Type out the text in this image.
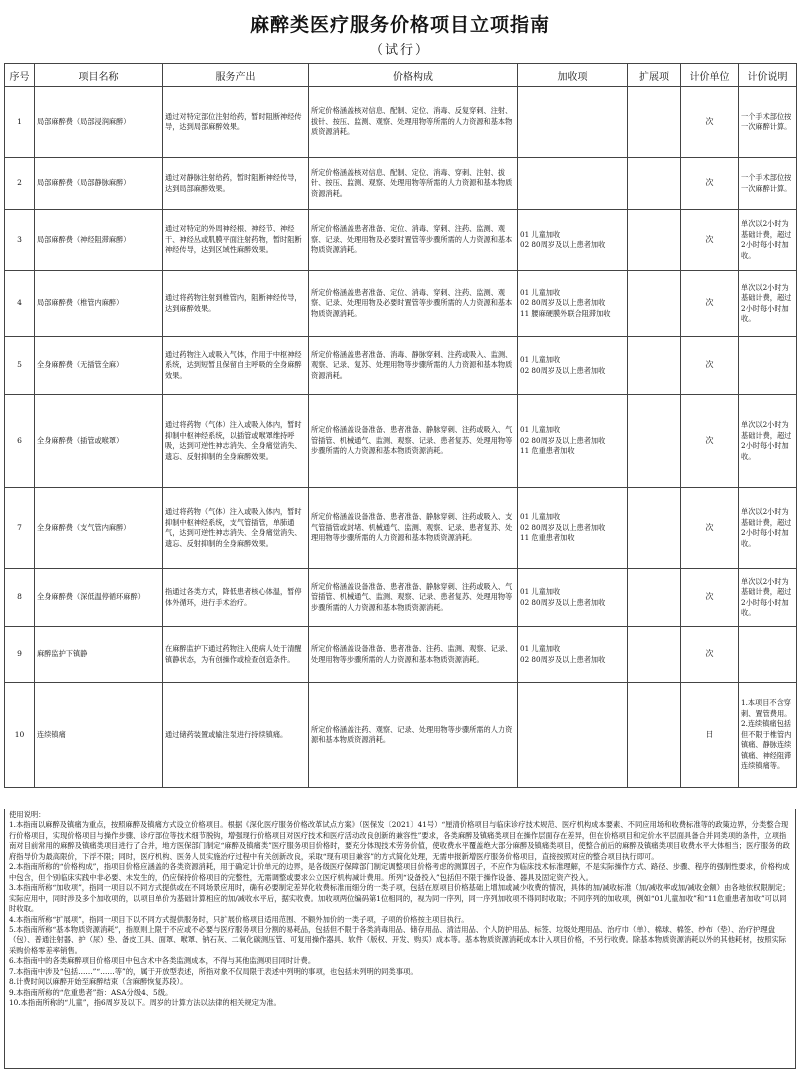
麻醉类医疗服务价格项目立项指南
（试行）
序号	项目名称	服务产出	价格构成	加收项	扩展项	计价单位	计价说明
1	局部麻醉费（局部浸润麻醉）	通过对特定部位注射给药，暂时阻断神经传导，达到局部麻醉效果。	所定价格涵盖核对信息、配制、定位、消毒、反复穿刺、注射、拔针、按压、监测、观察、处理用物等所需的人力资源和基本物质资源消耗。			次	一个手术部位按一次麻醉计算。
2	局部麻醉费（局部静脉麻醉）	通过对静脉注射给药，暂时阻断神经传导，达到局部麻醉效果。	所定价格涵盖核对信息、配制、定位、消毒、穿刺、注射、拔针、按压、监测、观察、处理用物等所需的人力资源和基本物质资源消耗。			次	一个手术部位按一次麻醉计算。
3	局部麻醉费（神经阻滞麻醉）	通过对特定的外周神经根、神经节、神经干、神经丛或肌膜平面注射药物，暂时阻断神经传导，达到区域性麻醉效果。	所定价格涵盖患者准备、定位、消毒、穿刺、注药、监测、观察、记录、处理用物及必要时置管等步骤所需的人力资源和基本物质资源消耗。	01 儿童加收
02 80周岁及以上患者加收		次	单次以2小时为基础计费，超过2小时每小时加收。
4	局部麻醉费（椎管内麻醉）	通过将药物注射到椎管内，阻断神经传导，达到麻醉效果。	所定价格涵盖患者准备、定位、消毒、穿刺、注药、监测、观察、记录、处理用物及必要时置管等步骤所需的人力资源和基本物质资源消耗。	01 儿童加收
02 80周岁及以上患者加收
11 腰麻硬膜外联合阻滞加收		次	单次以2小时为基础计费，超过2小时每小时加收。
5	全身麻醉费（无插管全麻）	通过药物注入或吸入气体，作用于中枢神经系统，达到短暂且保留自主呼吸的全身麻醉效果。	所定价格涵盖患者准备、消毒、静脉穿刺、注药或吸入、监测、观察、记录、复苏、处理用物等步骤所需的人力资源和基本物质资源消耗。	01 儿童加收
02 80周岁及以上患者加收		次	
6	全身麻醉费（插管或喉罩）	通过将药物（气体）注入或吸入体内，暂时抑制中枢神经系统，以插管或喉罩维持呼吸，达到可逆性神志消失、全身痛觉消失、遗忘、反射抑制的全身麻醉效果。	所定价格涵盖设备准备、患者准备、静脉穿刺、注药或吸入、气管插管、机械通气、监测、观察、记录、患者复苏、处理用物等步骤所需的人力资源和基本物质资源消耗。	01 儿童加收
02 80周岁及以上患者加收
11 危重患者加收		次	单次以2小时为基础计费，超过2小时每小时加收。
7	全身麻醉费（支气管内麻醉）	通过将药物（气体）注入或吸入体内，暂时抑制中枢神经系统，支气管插管，单肺通气，达到可逆性神志消失、全身痛觉消失、遗忘、反射抑制的全身麻醉效果。	所定价格涵盖设备准备、患者准备、静脉穿刺、注药或吸入、支气管插管或封堵、机械通气、监测、观察、记录、患者复苏、处理用物等步骤所需的人力资源和基本物质资源消耗。	01 儿童加收
02 80周岁及以上患者加收
11 危重患者加收		次	单次以2小时为基础计费，超过2小时每小时加收。
8	全身麻醉费（深低温停循环麻醉）	指通过各类方式，降低患者核心体温，暂停体外循环，进行手术治疗。	所定价格涵盖设备准备、患者准备、静脉穿刺、注药或吸入、气管插管、机械通气、监测、观察、记录、患者复苏、处理用物等步骤所需的人力资源和基本物质资源消耗。	01 儿童加收
02 80周岁及以上患者加收		次	单次以2小时为基础计费，超过2小时每小时加收。
9	麻醉监护下镇静	在麻醉监护下通过药物注入使病人处于清醒镇静状态，为有创操作或检查创造条件。	所定价格涵盖设备准备、患者准备、注药、监测、观察、记录、处理用物等步骤所需的人力资源和基本物质资源消耗。	01 儿童加收
02 80周岁及以上患者加收		次	
10	连续镇痛	通过储药装置或输注泵进行持续镇痛。	所定价格涵盖注药、观察、记录、处理用物等步骤所需的人力资源和基本物质资源消耗。			日	1.本项目不含穿刺、置管费用。
2.连续镇痛包括但不限于椎管内镇痛、静脉连续镇痛、神经阻滞连续镇痛等。

使用说明：

1.本指南以麻醉及镇痛为重点，按照麻醉及镇痛方式设立价格项目。根据《深化医疗服务价格改革试点方案》（医保发〔2021〕41号）“厘清价格项目与临床诊疗技术规范、医疗机构成本要素、不同应用场和收费标准等的政策边界，分类整合现行价格项目，实现价格项目与操作步骤、诊疗部位等技术细节脱钩，增强现行价格项目对医疗技术和医疗活动改良创新的兼容性”要求，各类麻醉及镇痛类项目在操作层面存在差异，但在价格项目和定价水平层面具备合并同类项的条件，立项指南对目前常用的麻醉及镇痛类项目进行了合并，地方医保部门制定“麻醉及镇痛类”医疗服务项目价格时，要充分体现技术劳务价值，使收费水平覆盖绝大部分麻醉及镇痛类项目，使整合前后的麻醉及镇痛类项目收费水平大体相当；医疗服务的政府指导价为最高限价，下浮不限；同时，医疗机构、医务人员实施治疗过程中有关创新改良，采取“现有项目兼容”的方式简化处理，无需申报新增医疗服务价格项目，直接按照对应的整合项目执行即可。

2.本指南所称的“价格构成”，指项目价格应涵盖的各类资源消耗，用于确定计价单元的边界，是各级医疗保障部门制定调整项目价格考虑的测算因子，不应作为临床技术标准理解，不是实际操作方式、路径、步骤、程序的强制性要求，价格构成中包含，但个别临床实践中非必要、未发生的，仍应保持价格项目的完整性，无需调整或要求公立医疗机构减计费用。所列“设备投入”包括但不限于操作设备、器具及固定资产投入。

3.本指南所称“加收项”，指同一项目以不同方式提供或在不同场景应用时，确有必要制定差异化收费标准而细分的一类子项，包括在原项目价格基础上增加或减少收费的情况，具体的加/减收标准（加/减收率或加/减收金额）由各地依权限制定；实际应用中，同时涉及多个加收项的，以项目单价为基础计算相应的加/减收水平后，据实收费。加收项两位编码第1位相同的，视为同一序列，同一序列加收项不得同时收取；不同序列的加收项，例如“01儿童加收”和“11危重患者加收”可以同时收取。

4.本指南所称“扩展项”，指同一项目下以不同方式提供服务时，只扩展价格项目适用范围、不额外加价的一类子项，子项的价格按主项目执行。

5.本指南所称“基本物质资源消耗”，指原则上限于不应或不必要与医疗服务项目分割的易耗品，包括但不限于各类消毒用品、储存用品、清洁用品、个人防护用品、标签、垃圾处理用品、治疗巾（单）、棉球、棉签、纱布（垫）、治疗护理盘（包）、普通注射器、护（尿）垫、备皮工具、面罩、喉罩、钠石灰、二氧化碳测压管、可复用操作器具、软件（版权、开发、购买）成本等。基本物质资源消耗成本计入项目价格，不另行收费。除基本物质资源消耗以外的其他耗材，按照实际采购价格零差率销售。

6.本指南中的各类麻醉项目价格项目中包含术中各类监测成本，不得与其他监测项目同时计费。

7.本指南中涉及“包括……”“……等”的，属于开放型表述，所指对象不仅局限于表述中列明的事项，也包括未列明的同类事项。

8.计费时间以麻醉开始至麻醉结束（含麻醉恢复苏段）。

9.本指南所称的“危重患者”指：ASA分级4、5级。

10.本指南所称的“儿童”，指6周岁及以下。周岁的计算方法以法律的相关规定为准。
